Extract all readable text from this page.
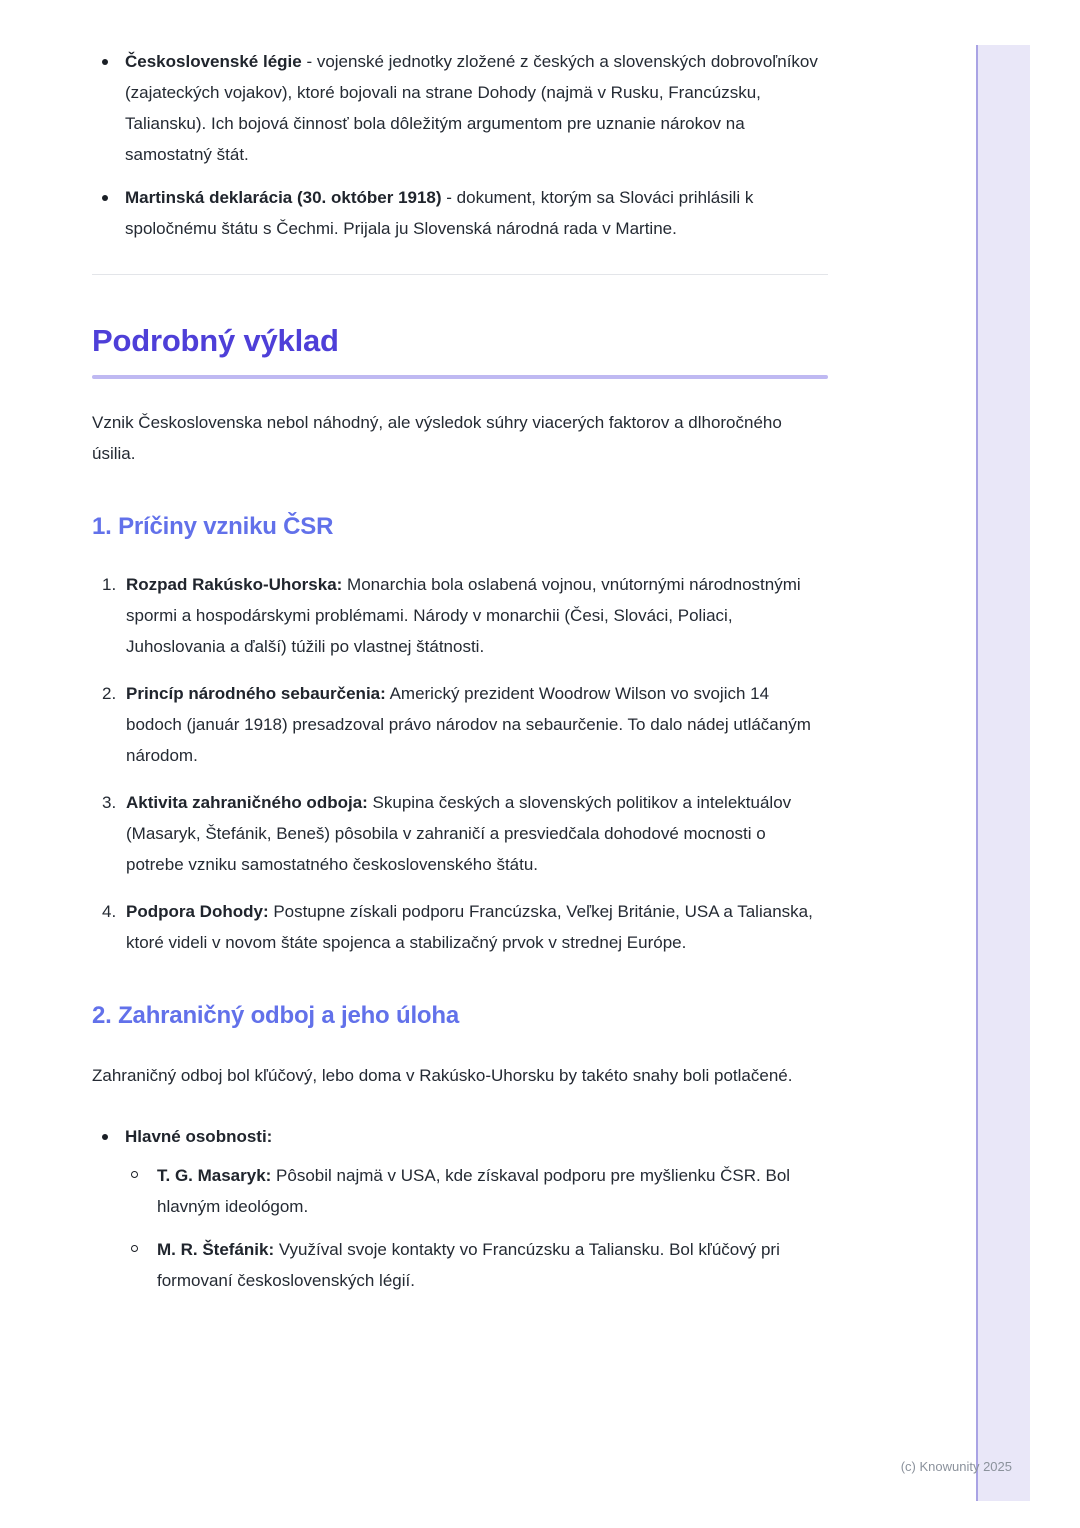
Československé légie - vojenské jednotky zložené z českých a slovenských dobrovoľníkov (zajateckých vojakov), ktoré bojovali na strane Dohody (najmä v Rusku, Francúzsku, Taliansku). Ich bojová činnosť bola dôležitým argumentom pre uznanie nárokov na samostatný štát.
Martinská deklarácia (30. október 1918) - dokument, ktorým sa Slováci prihlásili k spoločnému štátu s Čechmi. Prijala ju Slovenská národná rada v Martine.
Podrobný výklad

Vznik Československa nebol náhodný, ale výsledok súhry viacerých faktorov a dlhoročného úsilia.

1. Príčiny vzniku ČSR
1. Rozpad Rakúsko-Uhorska: Monarchia bola oslabená vojnou, vnútornými národnostnými spormi a hospodárskymi problémami. Národy v monarchii (Česi, Slováci, Poliaci, Juhoslovania a ďalší) túžili po vlastnej štátnosti.
2. Princíp národného sebaurčenia: Americký prezident Woodrow Wilson vo svojich 14 bodoch (január 1918) presadzoval právo národov na sebaurčenie. To dalo nádej utláčaným národom.
3. Aktivita zahraničného odboja: Skupina českých a slovenských politikov a intelektuálov (Masaryk, Štefánik, Beneš) pôsobila v zahraničí a presviedčala dohodové mocnosti o potrebe vzniku samostatného československého štátu.
4. Podpora Dohody: Postupne získali podporu Francúzska, Veľkej Británie, USA a Talianska, ktoré videli v novom štáte spojenca a stabilizačný prvok v strednej Európe.
2. Zahraničný odboj a jeho úloha

Zahraničný odboj bol kľúčový, lebo doma v Rakúsko-Uhorsku by takéto snahy boli potlačené.

Hlavné osobnosti:
T. G. Masaryk: Pôsobil najmä v USA, kde získaval podporu pre myšlienku ČSR. Bol hlavným ideológom.
M. R. Štefánik: Využíval svoje kontakty vo Francúzsku a Taliansku. Bol kľúčový pri formovaní československých légií.
(c) Knowunity 2025
